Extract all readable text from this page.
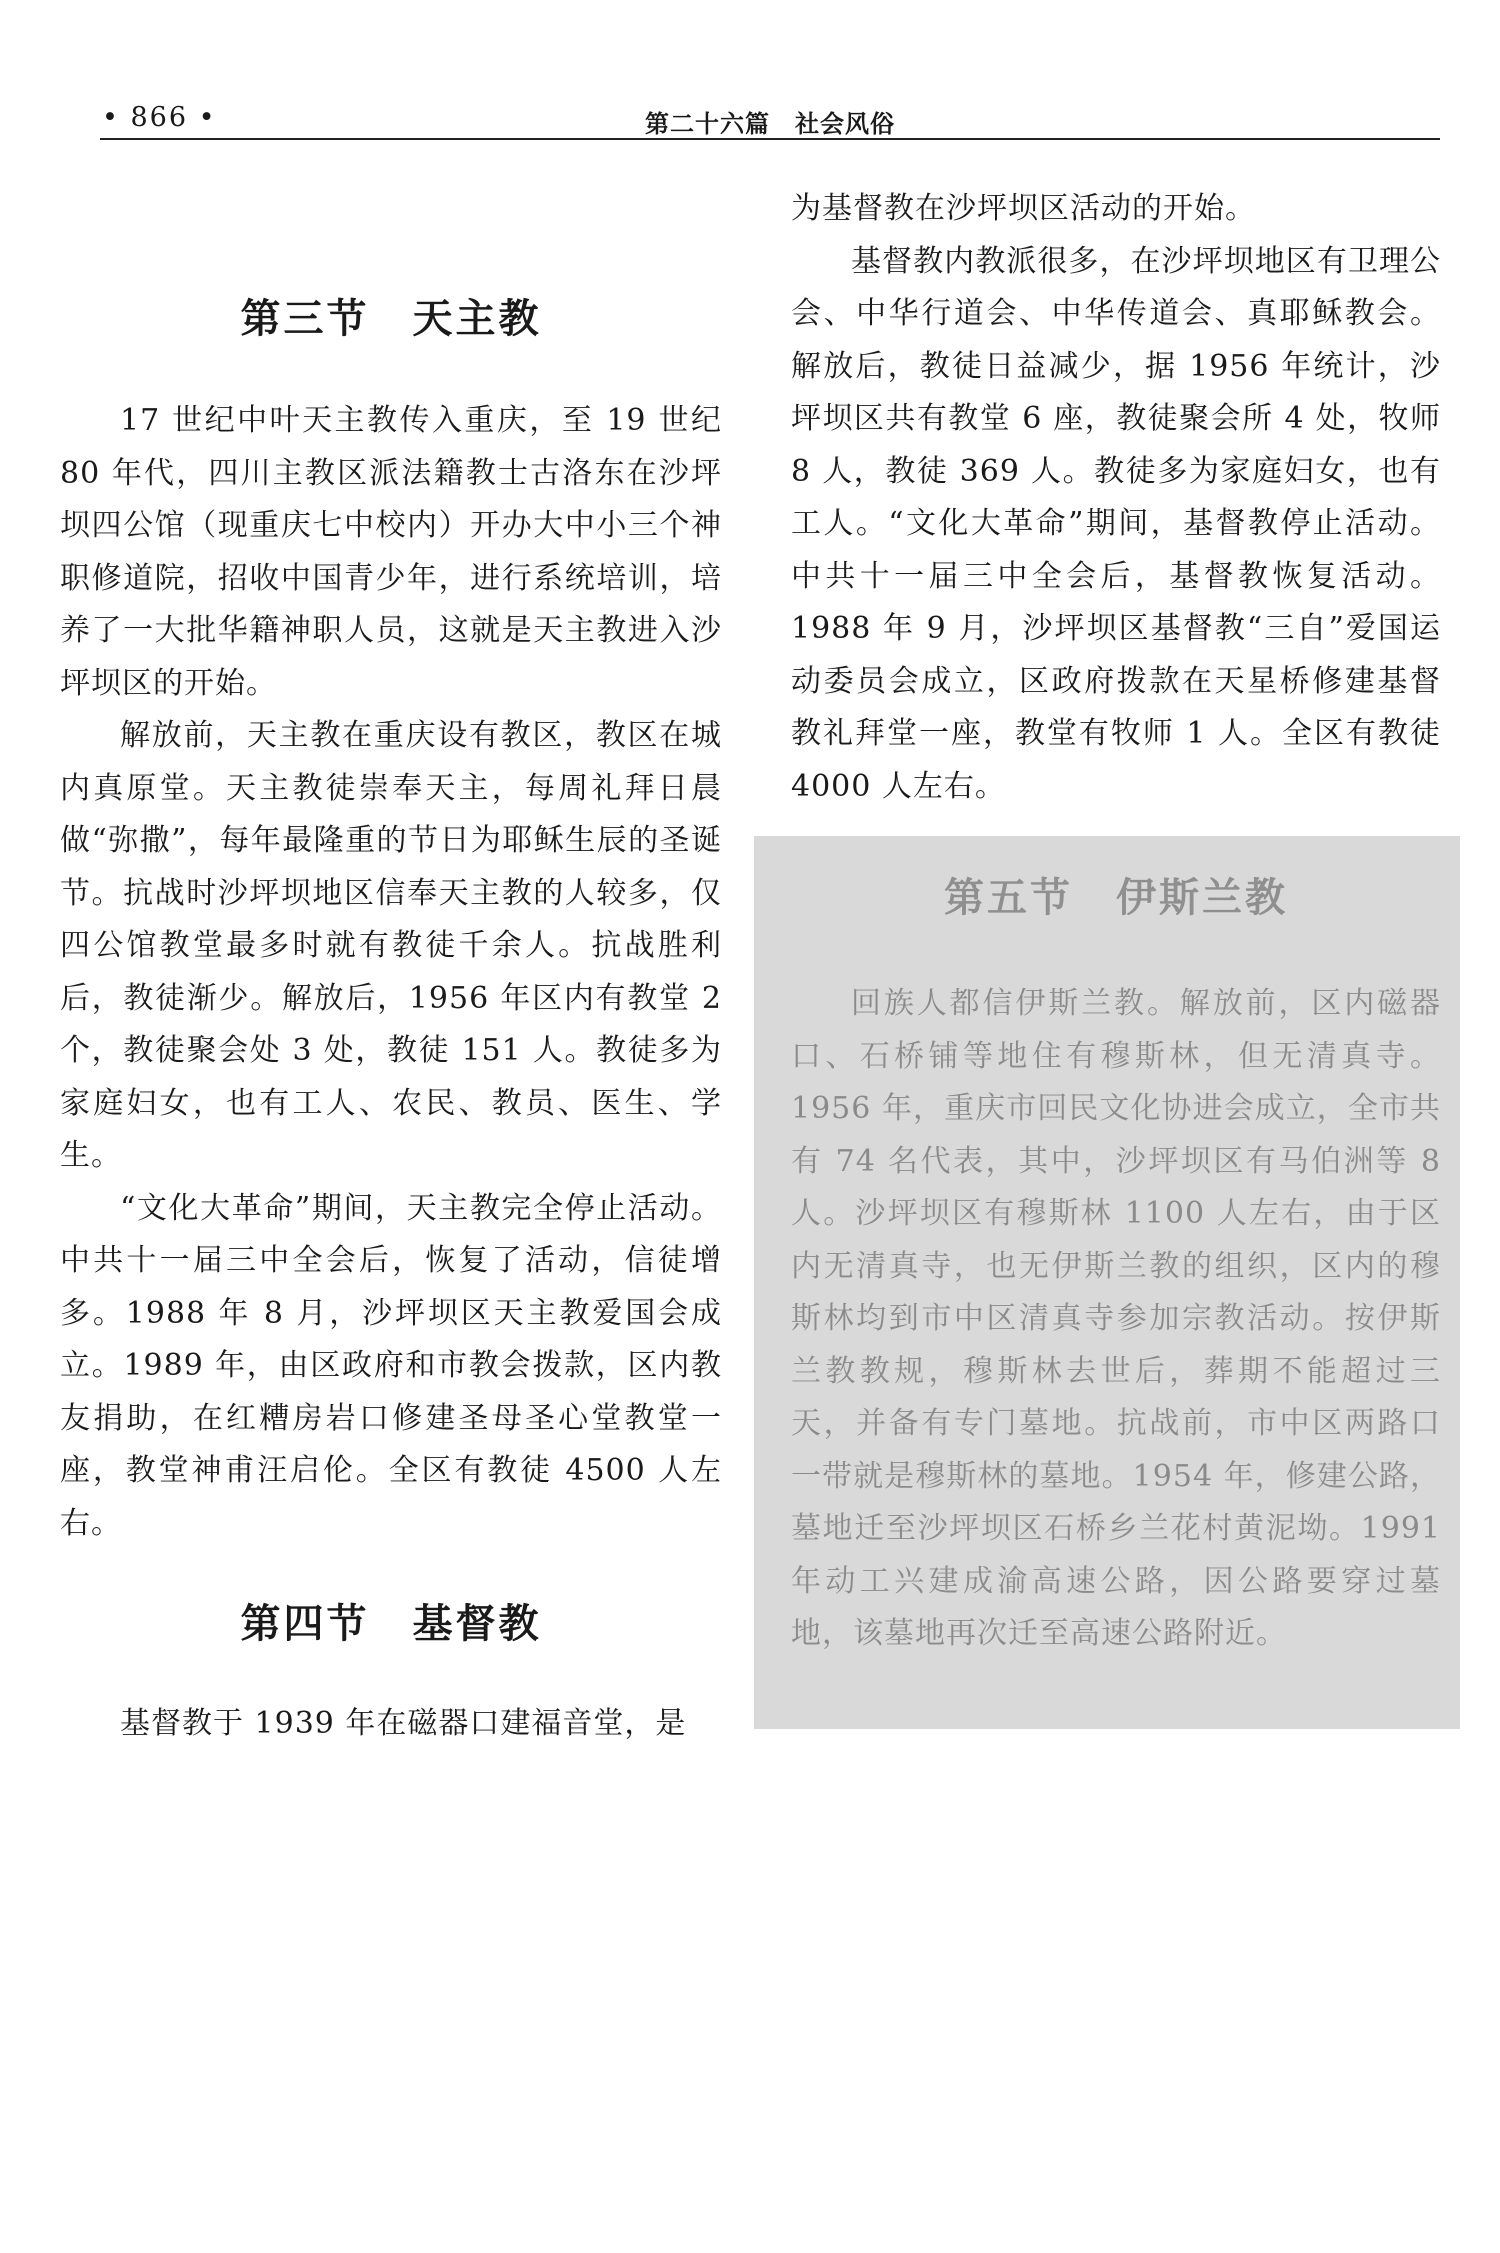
• 866 •	第二十六篇　社会风俗
第三节　天主教

17 世纪中叶天主教传入重庆，至 19 世纪 80 年代，四川主教区派法籍教士古洛东在沙坪坝四公馆（现重庆七中校内）开办大中小三个神职修道院，招收中国青少年，进行系统培训，培养了一大批华籍神职人员，这就是天主教进入沙坪坝区的开始。

解放前，天主教在重庆设有教区，教区在城内真原堂。天主教徒崇奉天主，每周礼拜日晨做“弥撒”，每年最隆重的节日为耶稣生辰的圣诞节。抗战时沙坪坝地区信奉天主教的人较多，仅四公馆教堂最多时就有教徒千余人。抗战胜利后，教徒渐少。解放后，1956 年区内有教堂 2 个，教徒聚会处 3 处，教徒 151 人。教徒多为家庭妇女，也有工人、农民、教员、医生、学生。

“文化大革命”期间，天主教完全停止活动。中共十一届三中全会后，恢复了活动，信徒增多。1988 年 8 月，沙坪坝区天主教爱国会成立。1989 年，由区政府和市教会拨款，区内教友捐助，在红糟房岩口修建圣母圣心堂教堂一座，教堂神甫汪启伦。全区有教徒 4500 人左右。

第四节　基督教

基督教于 1939 年在磁器口建福音堂，是

为基督教在沙坪坝区活动的开始。

基督教内教派很多，在沙坪坝地区有卫理公会、中华行道会、中华传道会、真耶稣教会。解放后，教徒日益减少，据 1956 年统计，沙坪坝区共有教堂 6 座，教徒聚会所 4 处，牧师 8 人，教徒 369 人。教徒多为家庭妇女，也有工人。“文化大革命”期间，基督教停止活动。中共十一届三中全会后，基督教恢复活动。1988 年 9 月，沙坪坝区基督教“三自”爱国运动委员会成立，区政府拨款在天星桥修建基督教礼拜堂一座，教堂有牧师 1 人。全区有教徒 4000 人左右。

第五节　伊斯兰教

回族人都信伊斯兰教。解放前，区内磁器口、石桥铺等地住有穆斯林，但无清真寺。1956 年，重庆市回民文化协进会成立，全市共有 74 名代表，其中，沙坪坝区有马伯洲等 8 人。沙坪坝区有穆斯林 1100 人左右，由于区内无清真寺，也无伊斯兰教的组织，区内的穆斯林均到市中区清真寺参加宗教活动。按伊斯兰教教规，穆斯林去世后，葬期不能超过三天，并备有专门墓地。抗战前，市中区两路口一带就是穆斯林的墓地。1954 年，修建公路，墓地迁至沙坪坝区石桥乡兰花村黄泥坳。1991 年动工兴建成渝高速公路，因公路要穿过墓地，该墓地再次迁至高速公路附近。
